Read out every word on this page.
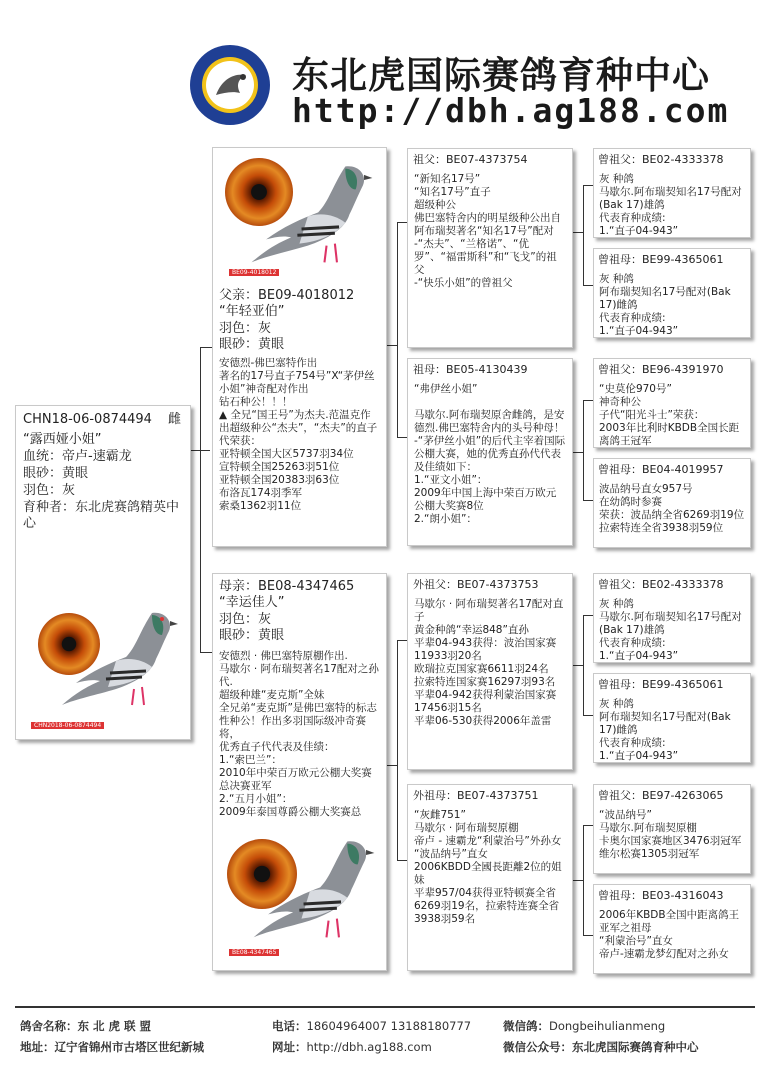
东北虎国际赛鸽育种中心
http://dbh.ag188.com
CHN18-06-0874494 雌
“露西娅小姐”
血统：帝卢-速霸龙
眼砂：黄眼
羽色：灰
育种者：东北虎赛鸽精英中心
CHN2018-06-0874494
BE09-4018012
父亲：BE09-4018012
“年轻亚伯”
羽色：灰
眼砂：黄眼
安德烈-佛巴塞特作出
著名的17号直子754号”X“茅伊丝小姐”神奇配对作出
钻石种公！！！
▲ 全兄“国王号”为杰夫.范温克作出超级种公“杰夫”，“杰夫”的直子代荣获：
亚特顿全国大区5737羽34位
宣特顿全国25263羽51位
亚特顿全国20383羽63位
布洛瓦174羽季军
索桑1362羽11位
母亲：BE08-4347465
“幸运佳人”
羽色：灰
眼砂：黄眼
安德烈 · 佛巴塞特原棚作出.
马歇尔 · 阿布瑞契著名17配对之孙代.
超级种雄“麦克斯”全妹
全兄弟“麦克斯”是佛巴塞特的标志性种公！作出多羽国际级冲奇赛将，
优秀直子代代表及佳绩：
1.“索巴兰”：
2010年中荣百万欧元公棚大奖赛总决赛亚军
2.“五月小姐”：
2009年泰国尊爵公棚大奖赛总
BE08-4347465
祖父：BE07-4373754
“新知名17号”
“知名17号”直子
超级种公
佛巴塞特舍内的明星级种公出自阿布瑞契著名“知名17号”配对
-“杰夫”、“兰格诺”、“优罗”、“福雷斯科”和“飞戈”的祖父
-“快乐小姐”的曾祖父
祖母：BE05-4130439
“弗伊丝小姐”

马歇尔.阿布瑞契原舍雌鸽，是安德烈.佛巴塞特舍内的头号种母！
-“茅伊丝小姐”的后代主宰着国际公棚大赛，她的优秀直孙代代表及佳绩如下：
1.“亚文小姐”：
2009年中国上海中荣百万欧元公棚大奖赛8位
2.“朗小姐”：
外祖父：BE07-4373753
马歇尔 · 阿布瑞契著名17配对直子
黄金种鸽“幸运848”直孙
平辈04-943获得：波治国家赛11933羽20名
欧瑞拉克国家赛6611羽24名
拉索特连国家赛16297羽93名
平辈04-942获得利蒙治国家赛17456羽15名
平辈06-530获得2006年盖雷
外祖母：BE07-4373751
“灰雌751”
马歇尔 · 阿布瑞契原棚
帝卢 - 速霸龙“利蒙治号”外孙女
“波品纳号”直女
2006KBDD全國長距離2位的姐妹
平辈957/04获得亚特顿赛全省6269羽19名，拉索特连赛全省3938羽59名
曾祖父：BE02-4333378
灰 种鸽
马歇尔.阿布瑞契知名17号配对(Bak 17)雄鸽
代表育种成绩:
1.“直子04-943”
曾祖母：BE99-4365061
灰 种鸽
阿布瑞契知名17号配对(Bak 17)雌鸽
代表育种成绩:
1.“直子04-943”
曾祖父：BE96-4391970
“史莫伦970号”
神奇种公
子代“阳光斗士”荣获：
2003年比利时KBDB全国长距离鸽王冠军
曾祖母：BE04-4019957
波品纳号直女957号
在幼鸽时参赛
荣获：波品纳全省6269羽19位
拉索特连全省3938羽59位
曾祖父：BE02-4333378
灰 种鸽
马歇尔.阿布瑞契知名17号配对(Bak 17)雄鸽
代表育种成绩:
1.“直子04-943”
曾祖母：BE99-4365061
灰 种鸽
阿布瑞契知名17号配对(Bak 17)雌鸽
代表育种成绩:
1.“直子04-943”
曾祖父：BE97-4263065
“波品纳号”
马歇尔.阿布瑞契原棚
卡奥尔国家赛地区3476羽冠军
维尔松赛1305羽冠军
曾祖母：BE03-4316043
2006年KBDB全国中距离鸽王亚军之祖母
“利蒙治号”直女
帝卢-速霸龙梦幻配对之孙女
鸽舍名称：东 北 虎 联 盟	电话：18604964007 13188180777	微信鸽：Dongbeihulianmeng
地址：辽宁省锦州市古塔区世纪新城	网址：http://dbh.ag188.com	微信公众号：东北虎国际赛鸽育种中心
